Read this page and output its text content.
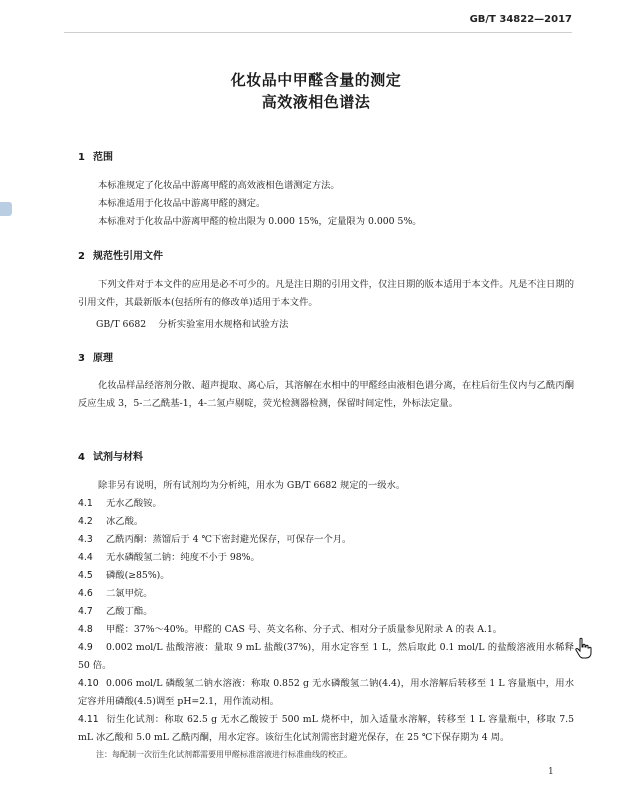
GB/T 34822—2017
化妆品中甲醛含量的测定
高效液相色谱法
1 范围
本标准规定了化妆品中游离甲醛的高效液相色谱测定方法。
本标准适用于化妆品中游离甲醛的测定。
本标准对于化妆品中游离甲醛的检出限为 0.000 15%，定量限为 0.000 5%。
2 规范性引用文件
下列文件对于本文件的应用是必不可少的。凡是注日期的引用文件，仅注日期的版本适用于本文件。凡是不注日期的引用文件，其最新版本(包括所有的修改单)适用于本文件。
GB/T 6682 分析实验室用水规格和试验方法
3 原理
化妆品样品经溶剂分散、超声提取、离心后，其溶解在水相中的甲醛经由液相色谱分离，在柱后衍生仪内与乙酰丙酮反应生成 3，5-二乙酰基-1，4-二氢卢剔啶，荧光检测器检测，保留时间定性，外标法定量。
4 试剂与材料
除非另有说明，所有试剂均为分析纯，用水为 GB/T 6682 规定的一级水。
4.1 无水乙酸铵。
4.2 冰乙酸。
4.3 乙酰丙酮：蒸馏后于 4 ℃下密封避光保存，可保存一个月。
4.4 无水磷酸氢二钠：纯度不小于 98%。
4.5 磷酸(≥85%)。
4.6 二氯甲烷。
4.7 乙酸丁酯。
4.8 甲醛：37%～40%。甲醛的 CAS 号、英文名称、分子式、相对分子质量参见附录 A 的表 A.1。
4.9 0.002 mol/L 盐酸溶液：量取 9 mL 盐酸(37%)，用水定容至 1 L，然后取此 0.1 mol/L 的盐酸溶液用水稀释 50 倍。
4.10 0.006 mol/L 磷酸氢二钠水溶液：称取 0.852 g 无水磷酸氢二钠(4.4)，用水溶解后转移至 1 L 容量瓶中，用水定容并用磷酸(4.5)调至 pH=2.1，用作流动相。
4.11 衍生化试剂：称取 62.5 g 无水乙酸铵于 500 mL 烧杯中，加入适量水溶解，转移至 1 L 容量瓶中，移取 7.5 mL 冰乙酸和 5.0 mL 乙酰丙酮，用水定容。该衍生化试剂需密封避光保存，在 25 ℃下保存期为 4 周。
注：每配制一次衍生化试剂都需要用甲醛标准溶液进行标准曲线的校正。
1
